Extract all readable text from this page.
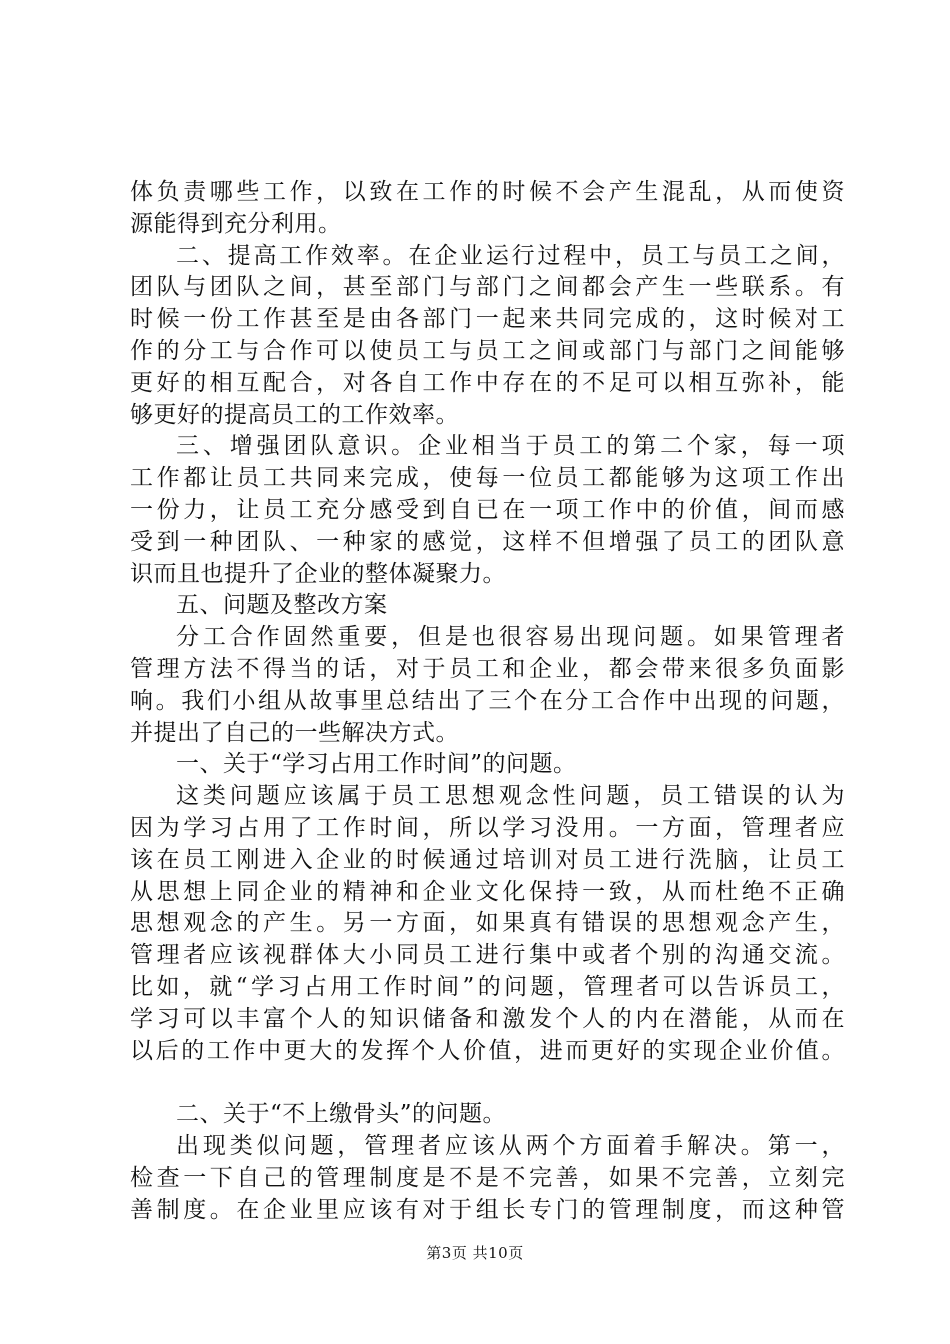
体负责哪些工作，以致在工作的时候不会产生混乱，从而使资
源能得到充分利用。
二、提高工作效率。在企业运行过程中，员工与员工之间，
团队与团队之间，甚至部门与部门之间都会产生一些联系。有
时候一份工作甚至是由各部门一起来共同完成的，这时候对工
作的分工与合作可以使员工与员工之间或部门与部门之间能够
更好的相互配合，对各自工作中存在的不足可以相互弥补，能
够更好的提高员工的工作效率。
三、增强团队意识。企业相当于员工的第二个家，每一项
工作都让员工共同来完成，使每一位员工都能够为这项工作出
一份力，让员工充分感受到自已在一项工作中的价值，间而感
受到一种团队、一种家的感觉，这样不但增强了员工的团队意
识而且也提升了企业的整体凝聚力。
五、问题及整改方案
分工合作固然重要，但是也很容易出现问题。如果管理者
管理方法不得当的话，对于员工和企业，都会带来很多负面影
响。我们小组从故事里总结出了三个在分工合作中出现的问题，
并提出了自己的一些解决方式。
一、关于“学习占用工作时间”的问题。
这类问题应该属于员工思想观念性问题，员工错误的认为
因为学习占用了工作时间，所以学习没用。一方面，管理者应
该在员工刚进入企业的时候通过培训对员工进行洗脑，让员工
从思想上同企业的精神和企业文化保持一致，从而杜绝不正确
思想观念的产生。另一方面，如果真有错误的思想观念产生，
管理者应该视群体大小同员工进行集中或者个别的沟通交流。
比如，就“学习占用工作时间”的问题，管理者可以告诉员工，
学习可以丰富个人的知识储备和激发个人的内在潜能，从而在
以后的工作中更大的发挥个人价值，进而更好的实现企业价值。
二、关于“不上缴骨头”的问题。
出现类似问题，管理者应该从两个方面着手解决。第一，
检查一下自己的管理制度是不是不完善，如果不完善，立刻完
善制度。在企业里应该有对于组长专门的管理制度，而这种管
第3页 共10页
